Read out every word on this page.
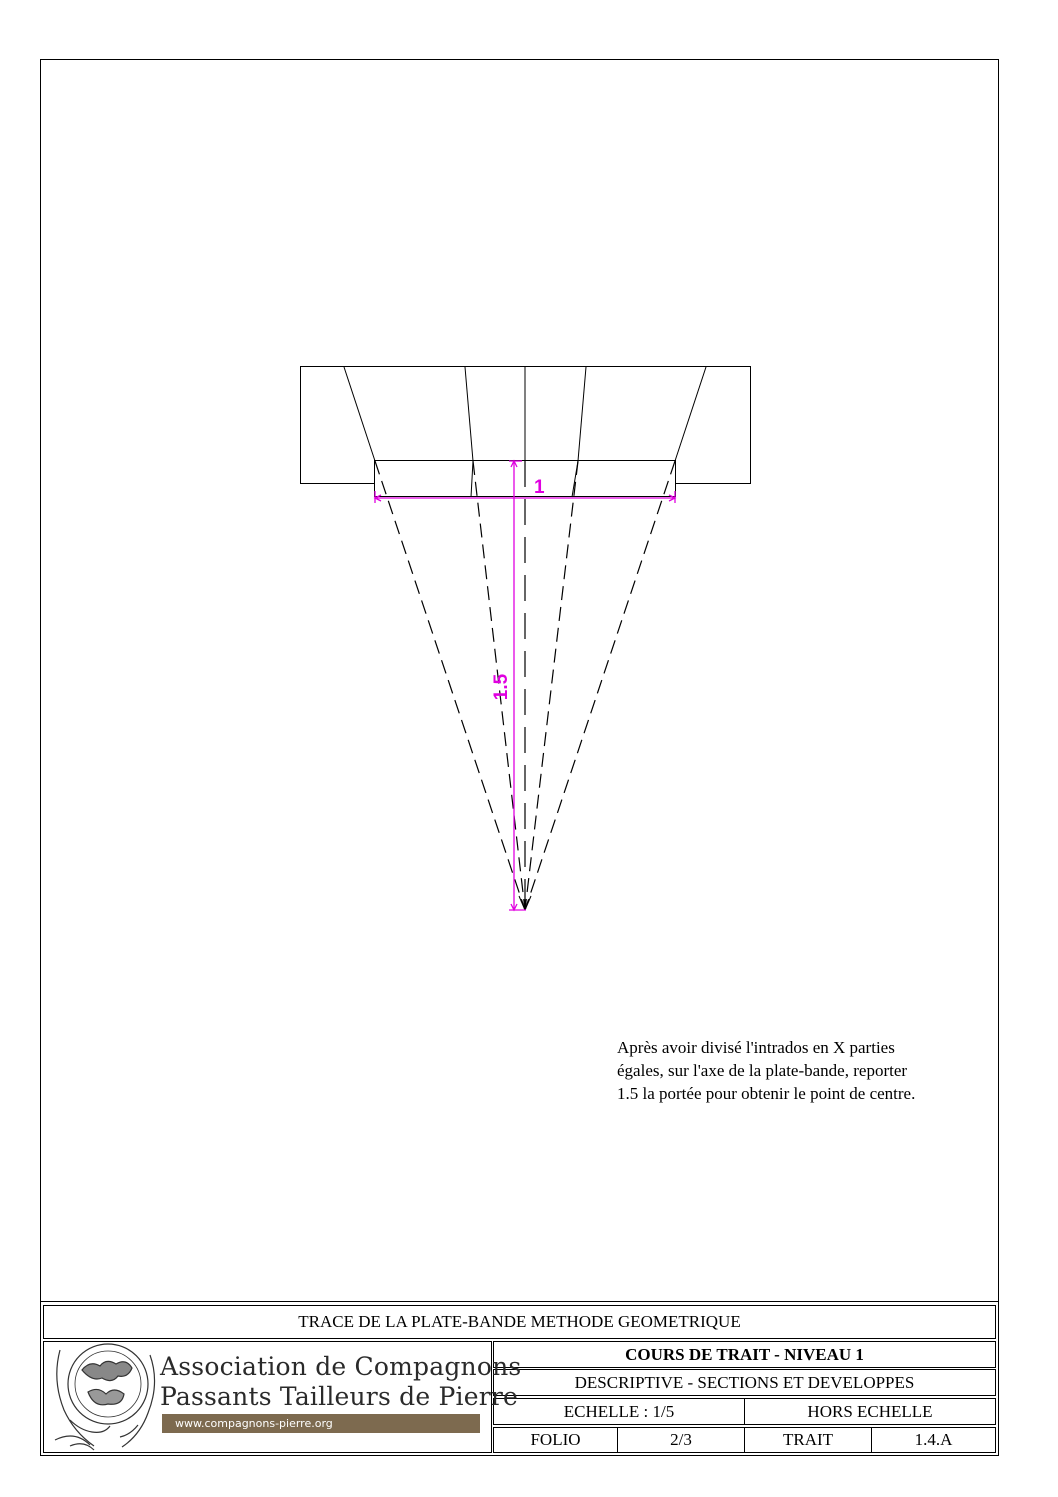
1
1.5
Après avoir divisé l'intrados en X parties
égales, sur l'axe de la plate-bande, reporter
1.5 la portée pour obtenir le point de centre.
TRACE DE LA PLATE-BANDE METHODE GEOMETRIQUE
Association de Compagnons
Passants Tailleurs de Pierre
www.compagnons-pierre.org
COURS DE TRAIT - NIVEAU 1
DESCRIPTIVE - SECTIONS ET DEVELOPPES
ECHELLE : 1/5	HORS ECHELLE
FOLIO	2/3	TRAIT	1.4.A
